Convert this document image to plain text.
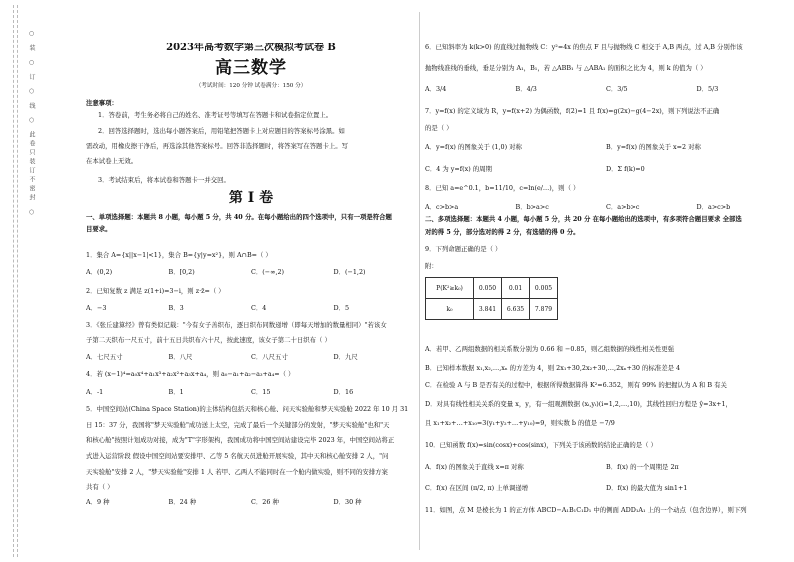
○ 装 ○ 订 ○ 线 ○ 此卷只装订不密封 ○	2023年高考数学第三次模拟考试卷 B
高三数学
（考试时间：120 分钟 试卷满分：150 分）
注意事项：
1．答卷前，考生务必将自己的姓名、准考证号等填写在答题卡和试卷指定位置上。
2．回答选择题时，选出每小题答案后，用铅笔把答题卡上对应题目的答案标号涂黑。如
需改动，用橡皮擦干净后，再选涂其他答案标号。回答非选择题时，将答案写在答题卡上。写
在本试卷上无效。
3．考试结束后，将本试卷和答题卡一并交回。
第 I 卷
一、单项选择题：本题共 8 小题，每小题 5 分，共 40 分。在每小题给出的四个选项中，只有一项是符合题
目要求。
1．集合 A={x||x−1|<1}，集合 B={y|y=x²}，则 A∩B=（ ）
A．(0,2)	B．[0,2)	C．(−∞,2)	D．(−1,2)
2．已知复数 z 满足 z(1+i)=3−i，则 z·z̄=（ ）
A．−3	B．3	C．4	D．5
3．《张丘建算经》曾有类似记载："今有女子善织布，逐日织布同数递增（即每天增加的数量相同）"若该女
子第二天织布一尺五寸，前十五日共织布六十尺，按此速度，该女子第二十日织布（ ）
A．七尺五寸	B．八尺	C．八尺五寸	D．九尺
4．若 (x−1)⁴=a₀x⁴+a₁x³+a₂x²+a₃x+a₄，则 a₀−a₁+a₂−a₃+a₄=（ ）
A．-1	B．1	C．15	D．16
5．中国空间站(China Space Station)的主体结构包括天和核心舱、问天实验舱和梦天实验舱 2022 年 10 月 31
日 15：37 分，我国将"梦天实验舱"成功送上太空，完成了最后一个关键部分的发射，"梦天实验舱"也和"天
和核心舱"按照计划成功对接，成为"T"字形架构，我国成功将中国空间站建设完毕 2023 年，中国空间站将正
式进入运营阶段 假设中国空间站要安排甲、乙等 5 名航天员进舱开展实验，其中天和核心舱安排 2 人，"问
天实验舱"安排 2 人，"梦天实验舱"安排 1 人 若甲、乙两人不能同时在一个舱内做实验，则不同的安排方案
共有（ ）
A．9 种	B．24 种	C．26 种	D．30 种
6．已知斜率为 k(k>0) 的直线过抛物线 C：y²=4x 的焦点 F 且与抛物线 C 相交于 A,B 两点，过 A,B 分别作该
抛物线准线的垂线，垂足分别为 A₁，B₁，若 △ABB₁ 与 △ABA₁ 的面积之比为 4，则 k 的值为（ ）
A．3/4	B．4/3	C．3/5	D．5/3
7．y=f(x) 的定义域为 R，y=f(x+2) 为偶函数，f(2)=1 且 f(x)=g(2x)−g(4−2x)，则下列说法不正确
的是（ ）
A．y=f(x) 的图象关于 (1,0) 对称	B．y=f(x) 的图象关于 x=2 对称
C．4 为 y=f(x) 的周期	D．Σ f(k)=0
8．已知 a=e^0.1，b=11/10，c=ln(e/…)，则（ ）
A．c>b>a	B．b>a>c	C．a>b>c	D．a>c>b
二、多项选择题：本题共 4 小题，每小题 5 分，共 20 分 在每小题给出的选项中，有多项符合题目要求 全部选
对的得 5 分，部分选对的得 2 分，有选错的得 0 分。
9．下列命题正确的是（ ）
附：
P(K²≥k₀)	0.050	0.01	0.005
k₀	3.841	6.635	7.879
A．若甲、乙两组数据的相关系数分别为 0.66 和 −0.85，则乙组数据的线性相关性更强
B．已知样本数据 x₁,x₂,…,xₙ 的方差为 4，则 2x₁+30,2x₂+30,…,2xₙ+30 的标准差是 4
C．在检验 A 与 B 是否有关的过程中，根据所得数据算得 K²=6.352，则有 99% 的把握认为 A 和 B 有关
D．对具有线性相关关系的变量 x，y，有一组观测数据 (xᵢ,yᵢ)(i=1,2,…,10)，其线性回归方程是 ŷ=3x+1，
且 x₁+x₂+…+x₁₀=3(y₁+y₂+…+y₁₀)=9，则实数 b̂ 的值是 −7/9
10．已知函数 f(x)=sin(cosx)+cos(sinx)，下列关于该函数的结论正确的是（ ）
A．f(x) 的图象关于直线 x=π 对称	B．f(x) 的一个周期是 2π
C．f(x) 在区间 (π/2, π) 上单调递增	D．f(x) 的最大值为 sin1+1
11．如图，点 M 是棱长为 1 的正方体 ABCD−A₁B₁C₁D₁ 中的侧面 ADD₁A₁ 上的一个动点（包含边界），则下列
